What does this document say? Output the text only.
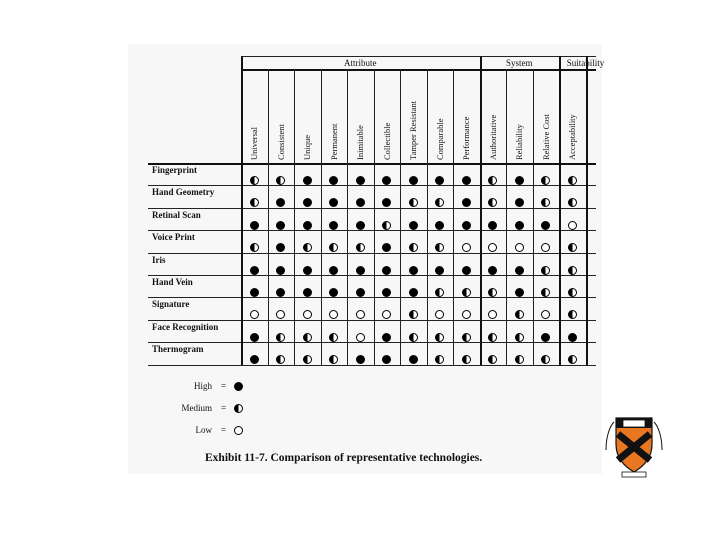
Attribute	System	Suitability
Universal Consistent Unique Permanent Inimitable Collectible Tamper Resistant Comparable Performance Authoritative Reliability Relative Cost Acceptability
Fingerprint
Hand Geometry
Retinal Scan
Voice Print
Iris
Hand Vein
Signature
Face Recognition
Thermogram
High =
Medium =
Low =
Exhibit 11-7. Comparison of representative technologies.
